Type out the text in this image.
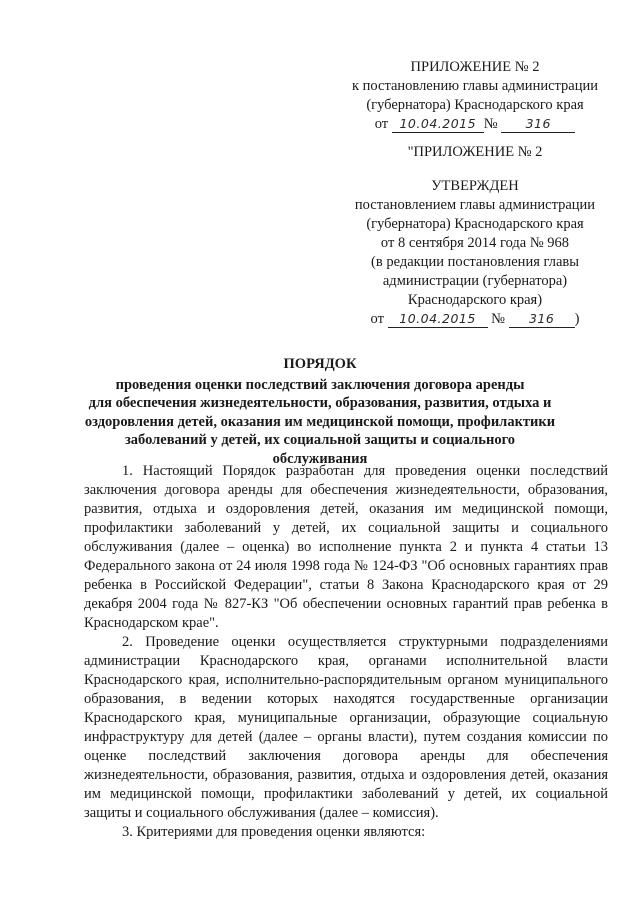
ПРИЛОЖЕНИЕ № 2
к постановлению главы администрации
(губернатора) Краснодарского края
от 10.04.2015 № 316
"ПРИЛОЖЕНИЕ № 2
УТВЕРЖДЕН
постановлением главы администрации
(губернатора) Краснодарского края
от 8 сентября 2014 года № 968
(в редакции постановления главы
администрации (губернатора)
Краснодарского края)
от 10.04.2015 № 316 )
ПОРЯДОК
проведения оценки последствий заключения договора аренды
для обеспечения жизнедеятельности, образования, развития, отдыха и
оздоровления детей, оказания им медицинской помощи, профилактики
заболеваний у детей, их социальной защиты и социального
обслуживания

1. Настоящий Порядок разработан для проведения оценки последствий заключения договора аренды для обеспечения жизнедеятельности, образования, развития, отдыха и оздоровления детей, оказания им медицинской помощи, профилактики заболеваний у детей, их социальной защиты и социального обслуживания (далее – оценка) во исполнение пункта 2 и пункта 4 статьи 13 Федерального закона от 24 июля 1998 года № 124-ФЗ "Об основных гарантиях прав ребенка в Российской Федерации", статьи 8 Закона Краснодарского края от 29 декабря 2004 года № 827-КЗ "Об обеспечении основных гарантий прав ребенка в Краснодарском крае".

2. Проведение оценки осуществляется структурными подразделениями администрации Краснодарского края, органами исполнительной власти Краснодарского края, исполнительно-распорядительным органом муниципального образования, в ведении которых находятся государственные организации Краснодарского края, муниципальные организации, образующие социальную инфраструктуру для детей (далее – органы власти), путем создания комиссии по оценке последствий заключения договора аренды для обеспечения жизнедеятельности, образования, развития, отдыха и оздоровления детей, оказания им медицинской помощи, профилактики заболеваний у детей, их социальной защиты и социального обслуживания (далее – комиссия).

3. Критериями для проведения оценки являются:
